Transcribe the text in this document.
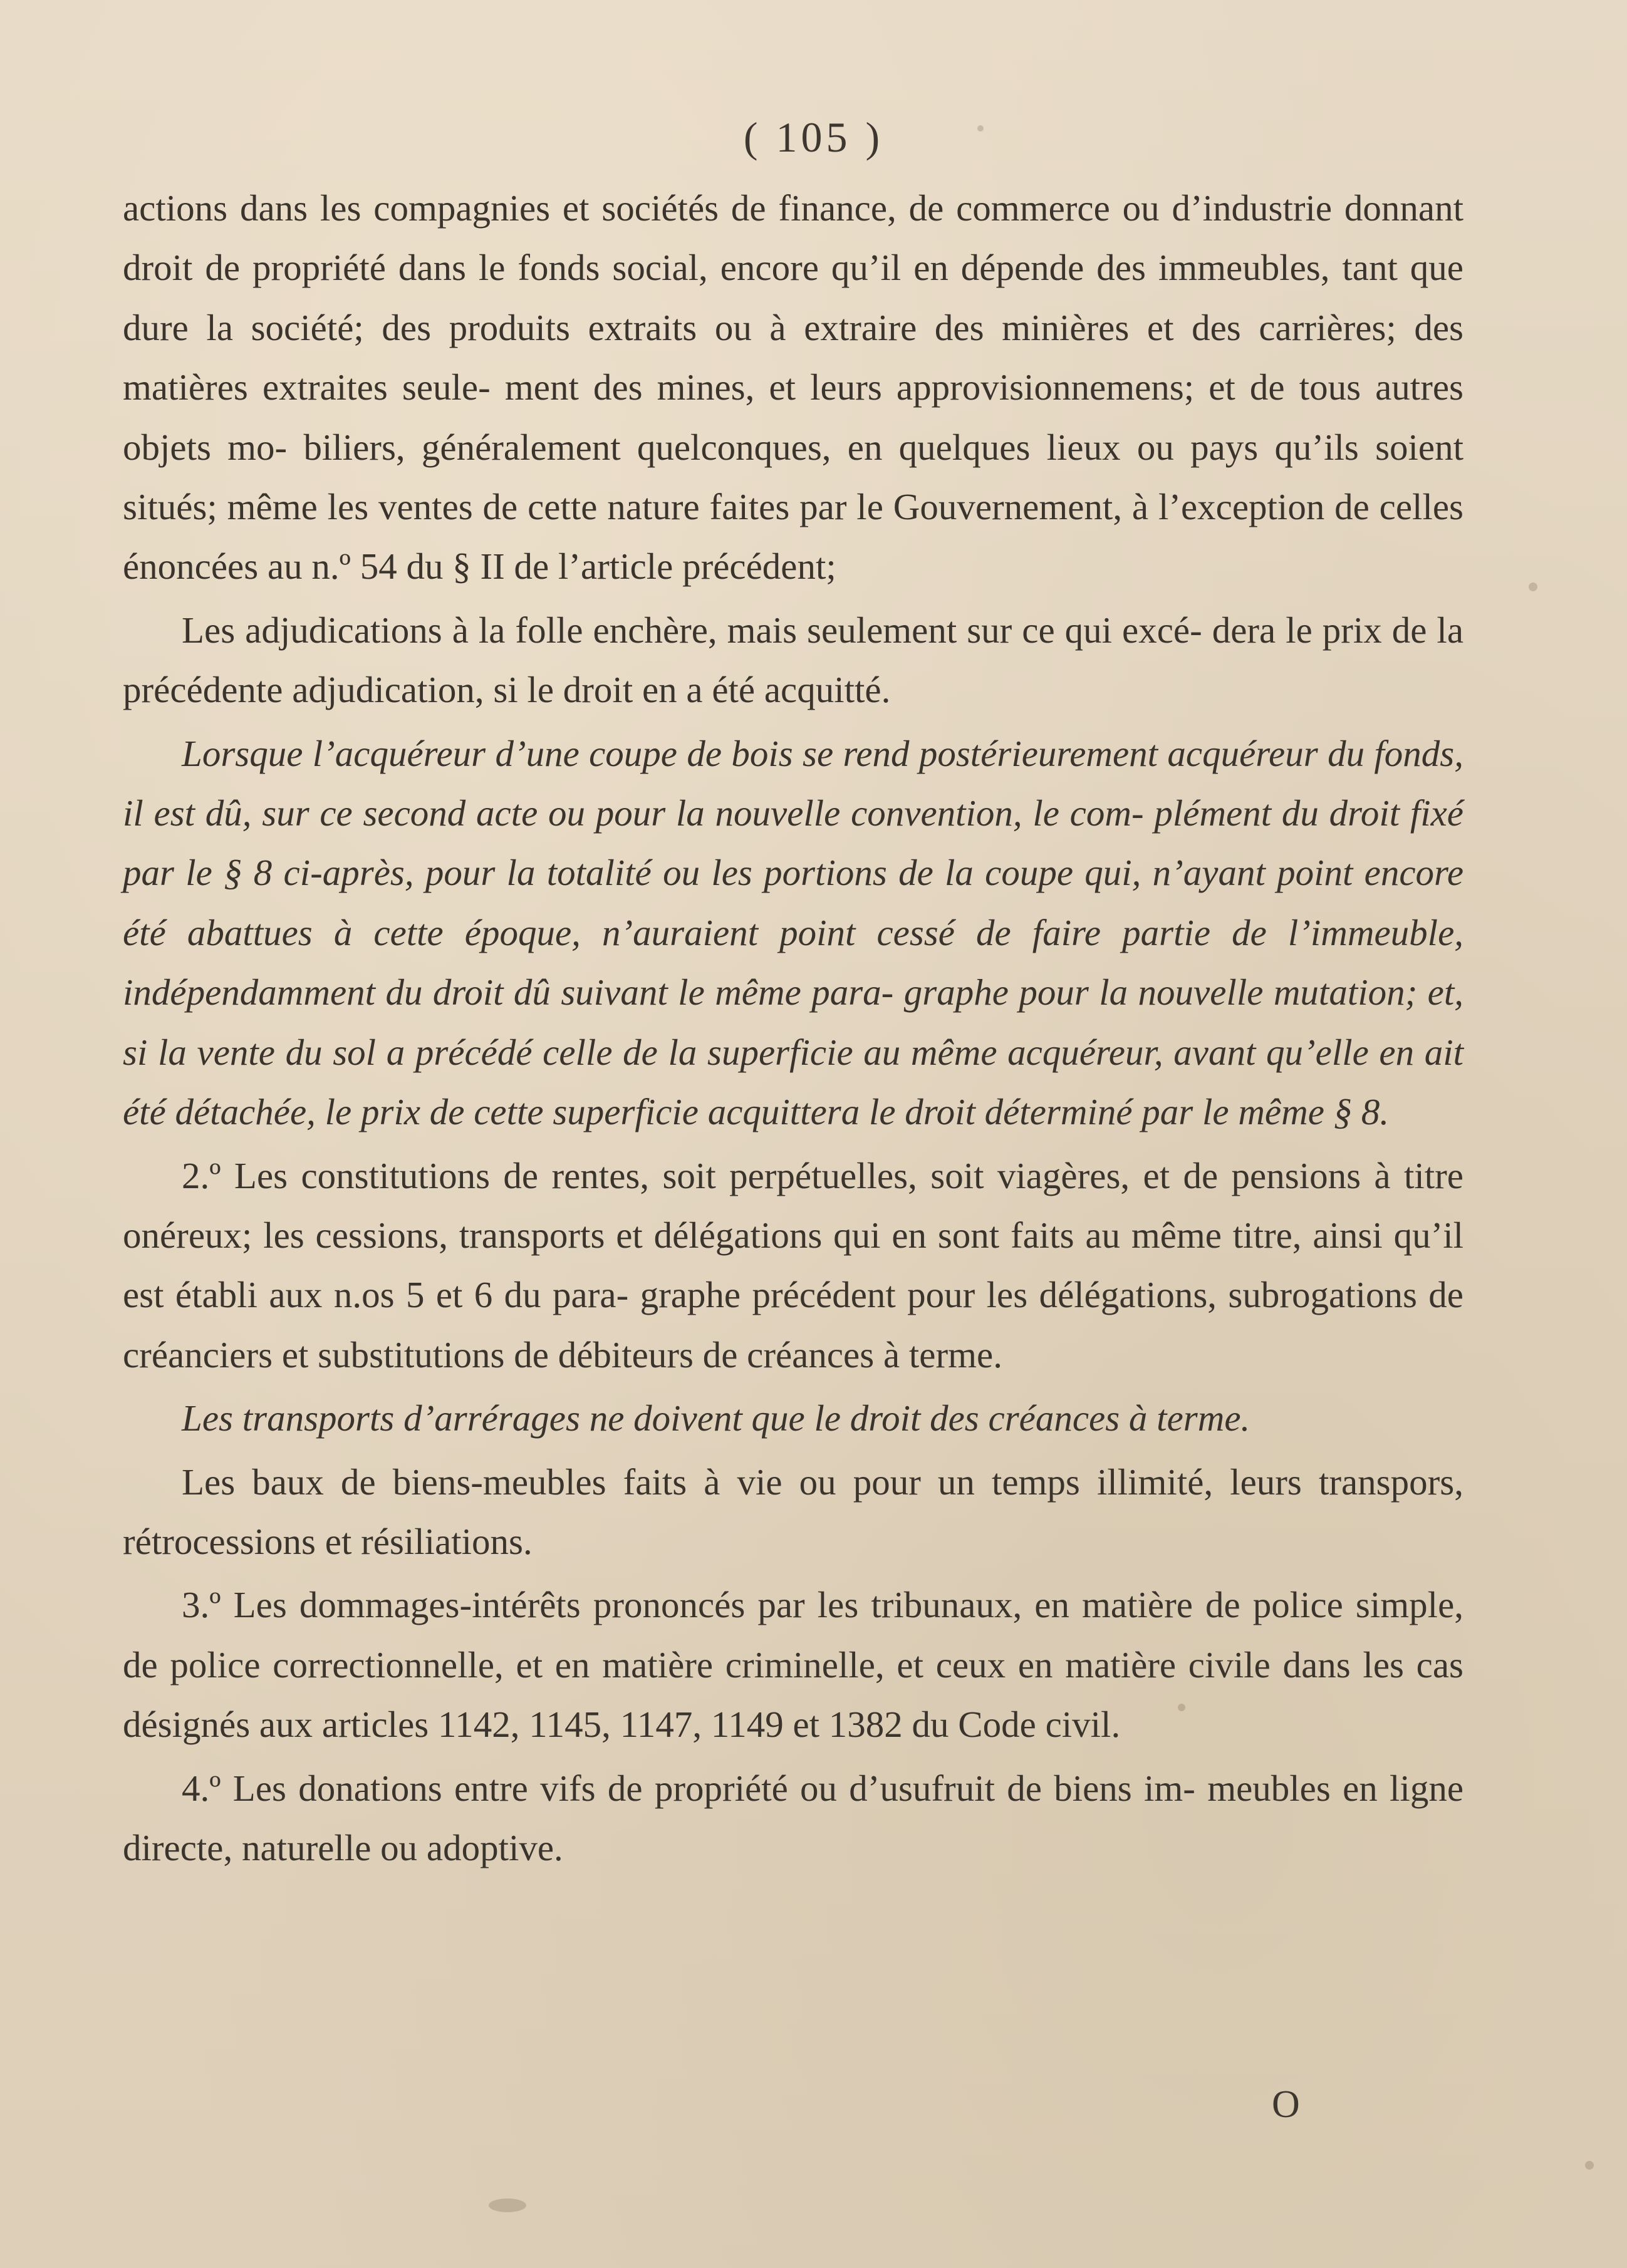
( 105 )

actions dans les compagnies et sociétés de finance, de commerce ou d’industrie donnant droit de propriété dans le fonds social, encore qu’il en dépende des immeubles, tant que dure la société; des produits extraits ou à extraire des minières et des carrières; des matières extraites seule- ment des mines, et leurs approvisionnemens; et de tous autres objets mo- biliers, généralement quelconques, en quelques lieux ou pays qu’ils soient situés; même les ventes de cette nature faites par le Gouvernement, à l’exception de celles énoncées au n.º 54 du § II de l’article précédent;

Les adjudications à la folle enchère, mais seulement sur ce qui excé- dera le prix de la précédente adjudication, si le droit en a été acquitté.

Lorsque l’acquéreur d’une coupe de bois se rend postérieurement acquéreur du fonds, il est dû, sur ce second acte ou pour la nouvelle convention, le com- plément du droit fixé par le § 8 ci-après, pour la totalité ou les portions de la coupe qui, n’ayant point encore été abattues à cette époque, n’auraient point cessé de faire partie de l’immeuble, indépendamment du droit dû suivant le même para- graphe pour la nouvelle mutation; et, si la vente du sol a précédé celle de la superficie au même acquéreur, avant qu’elle en ait été détachée, le prix de cette superficie acquittera le droit déterminé par le même § 8.

2.º Les constitutions de rentes, soit perpétuelles, soit viagères, et de pensions à titre onéreux; les cessions, transports et délégations qui en sont faits au même titre, ainsi qu’il est établi aux n.os 5 et 6 du para- graphe précédent pour les délégations, subrogations de créanciers et substitutions de débiteurs de créances à terme.

Les transports d’arrérages ne doivent que le droit des créances à terme.

Les baux de biens-meubles faits à vie ou pour un temps illimité, leurs transpors, rétrocessions et résiliations.

3.º Les dommages-intérêts prononcés par les tribunaux, en matière de police simple, de police correctionnelle, et en matière criminelle, et ceux en matière civile dans les cas désignés aux articles 1142, 1145, 1147, 1149 et 1382 du Code civil.

4.º Les donations entre vifs de propriété ou d’usufruit de biens im- meubles en ligne directe, naturelle ou adoptive.

O
